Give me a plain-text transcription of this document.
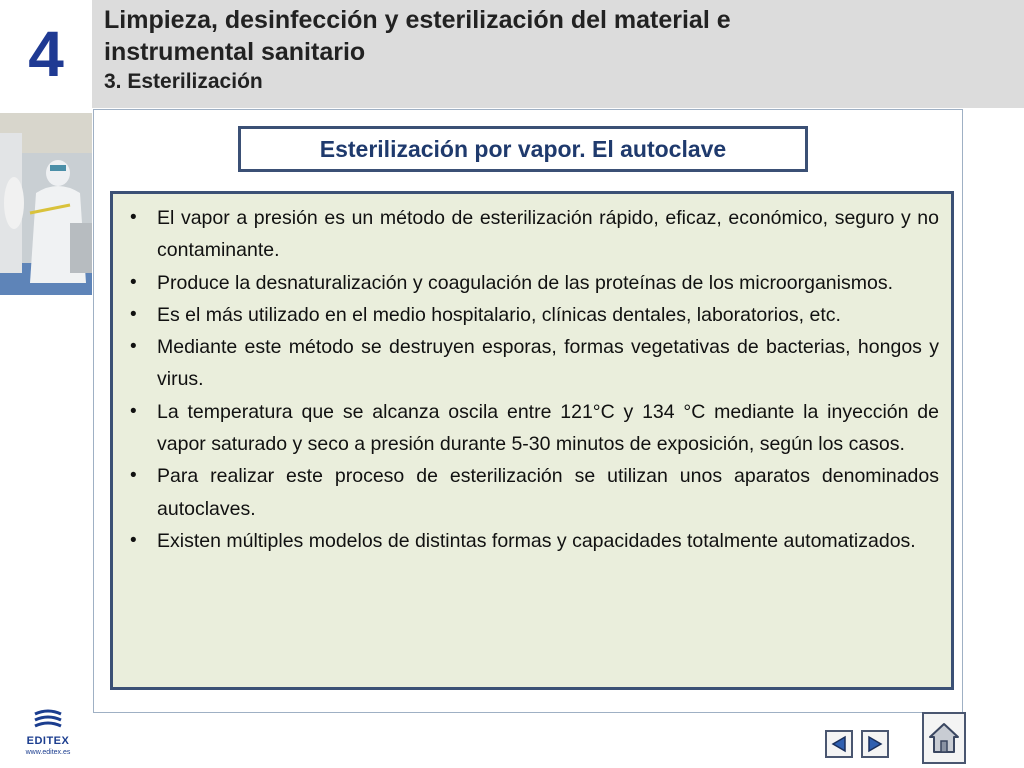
4	Limpieza, desinfección y esterilización del material e
instrumental sanitario
3. Esterilización
Esterilización por vapor. El autoclave
• El vapor a presión es un método de esterilización rápido, eficaz, económico, seguro y no contaminante.
• Produce la desnaturalización y coagulación de las proteínas de los microorganismos.
• Es el más utilizado en el medio hospitalario, clínicas dentales, laboratorios, etc.
• Mediante este método se destruyen esporas, formas vegetativas de bacterias, hongos y virus.
• La temperatura que se alcanza oscila entre 121°C y 134 °C mediante la inyección de vapor saturado y seco a presión durante 5-30 minutos de exposición, según los casos.
• Para realizar este proceso de esterilización se utilizan unos aparatos denominados autoclaves.
• Existen múltiples modelos de distintas formas y capacidades totalmente automatizados.
EDITEX
www.editex.es
